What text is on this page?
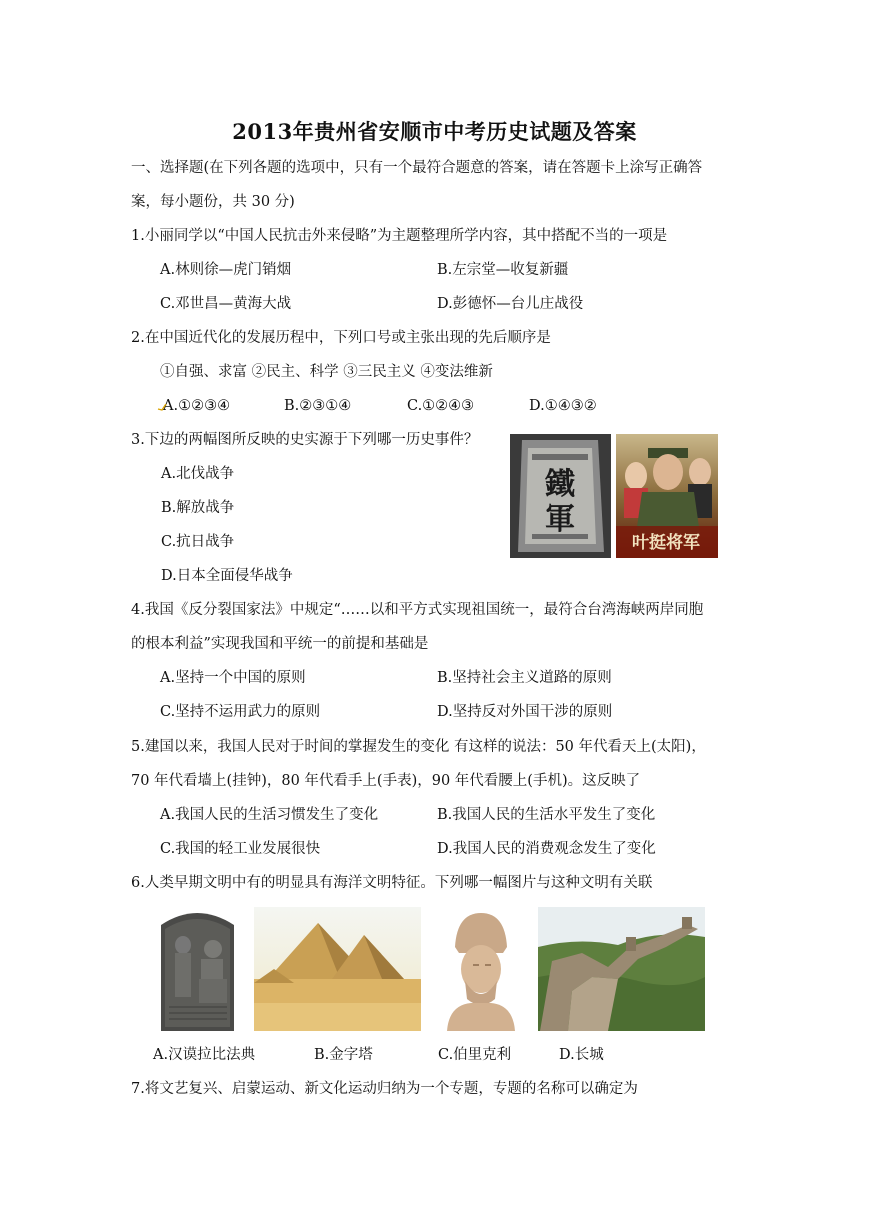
2013年贵州省安顺市中考历史试题及答案
一、选择题(在下列各题的选项中，只有一个最符合题意的答案，请在答题卡上涂写正确答
案，每小题份，共 30 分)
1.小丽同学以“中国人民抗击外来侵略”为主题整理所学内容，其中搭配不当的一项是
A.林则徐—虎门销烟	B.左宗堂—收复新疆
C.邓世昌—黄海大战	D.彭德怀—台儿庄战役
2.在中国近代化的发展历程中，下列口号或主张出现的先后顺序是
①自强、求富 ②民主、科学 ③三民主义 ④变法维新
A.①②③④	B.②③①④	C.①②④③	D.①④③②
3.下边的两幅图所反映的史实源于下列哪一历史事件？
A.北伐战争
B.解放战争
C.抗日战争
D.日本全面侵华战争
鐵
軍
叶挺将军
4.我国《反分裂国家法》中规定“……以和平方式实现祖国统一，最符合台湾海峡两岸同胞
的根本利益”实现我国和平统一的前提和基础是
A.坚持一个中国的原则	B.坚持社会主义道路的原则
C.坚持不运用武力的原则	D.坚持反对外国干涉的原则
5.建国以来，我国人民对于时间的掌握发生的变化 有这样的说法：50 年代看天上(太阳)，
70 年代看墙上(挂钟)，80 年代看手上(手表)，90 年代看腰上(手机)。这反映了
A.我国人民的生活习惯发生了变化	B.我国人民的生活水平发生了变化
C.我国的轻工业发展很快	D.我国人民的消费观念发生了变化
6.人类早期文明中有的明显具有海洋文明特征。下列哪一幅图片与这种文明有关联
A.汉谟拉比法典	B.金字塔	C.伯里克利	D.长城
7.将文艺复兴、启蒙运动、新文化运动归纳为一个专题，专题的名称可以确定为
